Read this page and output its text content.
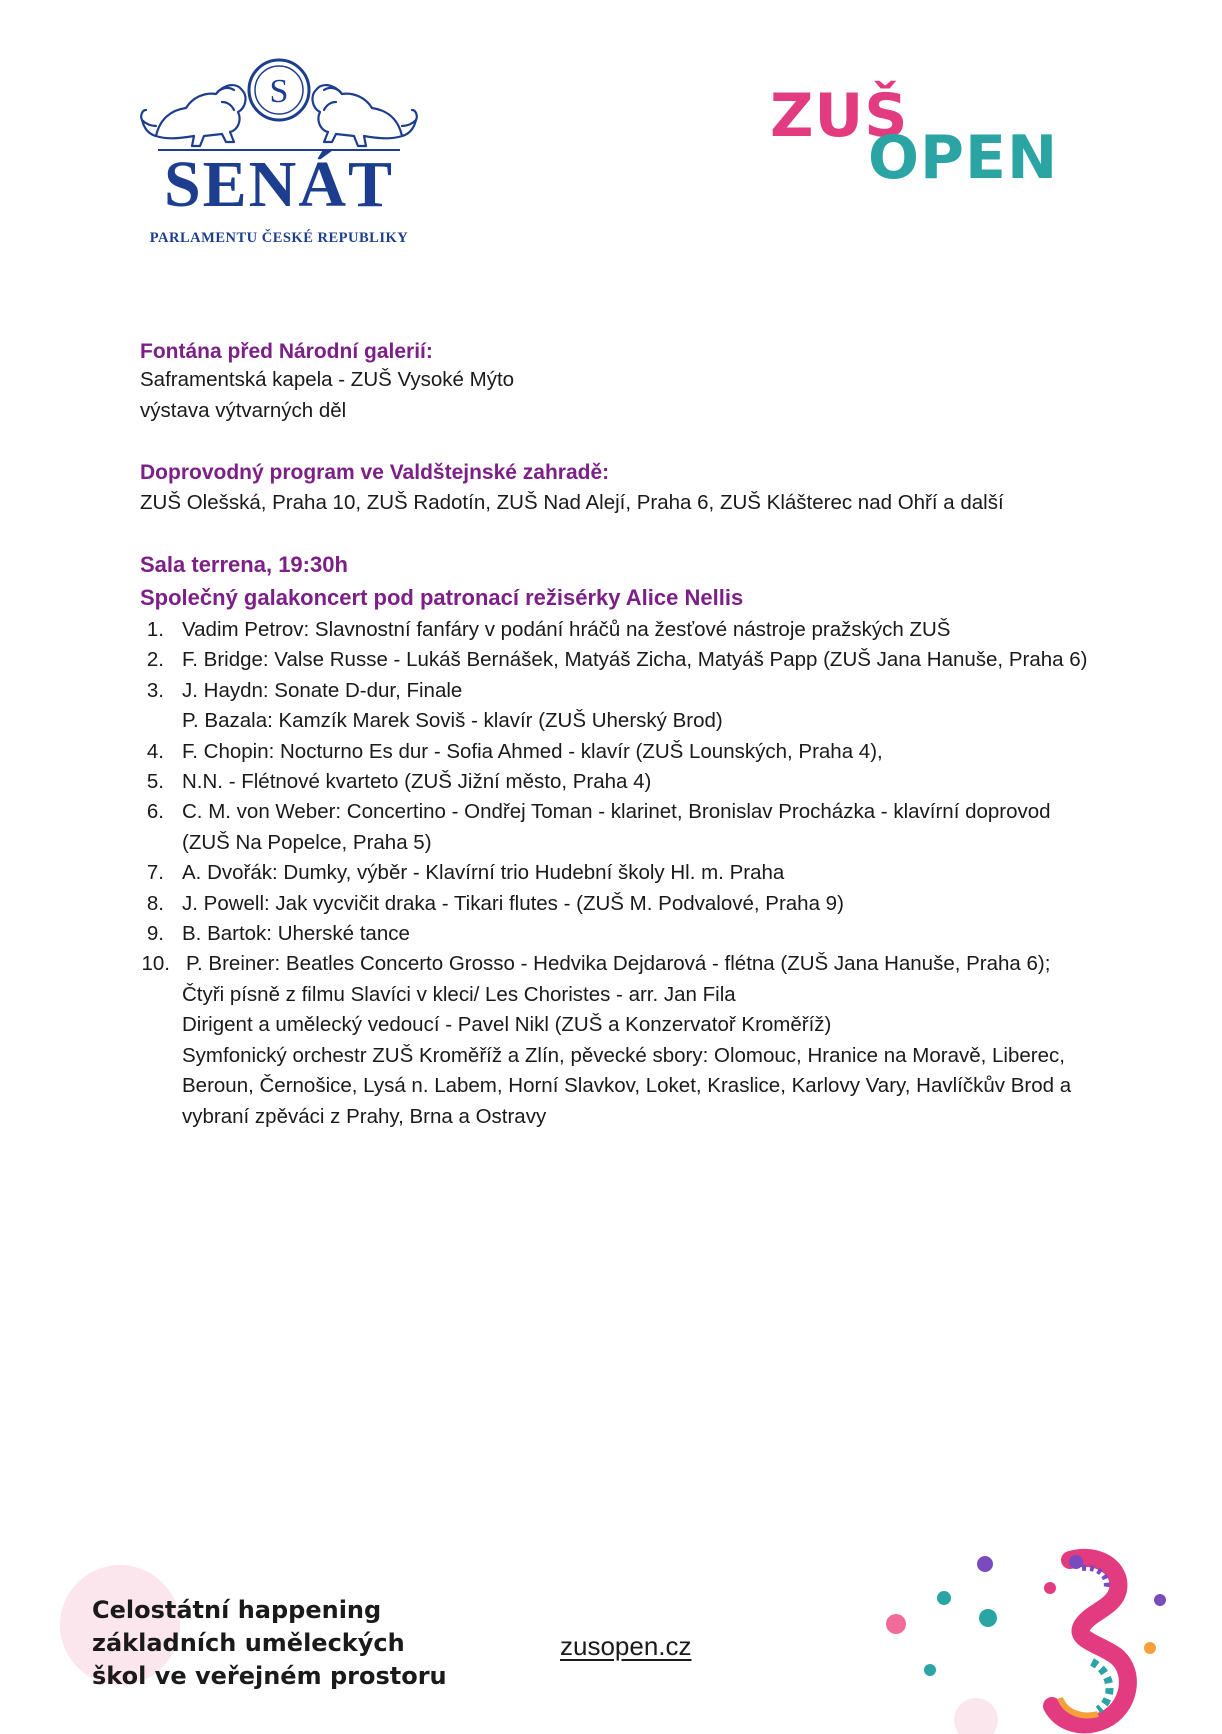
S
SENÁT
PARLAMENTU ČESKÉ REPUBLIKY
ZUŠ
OPEN
Fontána před Národní galerií:
Saframentská kapela - ZUŠ Vysoké Mýto
výstava výtvarných děl
Doprovodný program ve Valdštejnské zahradě:
ZUŠ Olešská, Praha 10, ZUŠ Radotín, ZUŠ Nad Alejí, Praha 6, ZUŠ Klášterec nad Ohří a další
Sala terrena, 19:30h
Společný galakoncert pod patronací režisérky Alice Nellis
1. Vadim Petrov: Slavnostní fanfáry v podání hráčů na žesťové nástroje pražských ZUŠ
2. F. Bridge: Valse Russe - Lukáš Bernášek, Matyáš Zicha, Matyáš Papp (ZUŠ Jana Hanuše, Praha 6)
3. J. Haydn: Sonate D-dur, Finale
P. Bazala: Kamzík Marek Soviš - klavír (ZUŠ Uherský Brod)
4. F. Chopin: Nocturno Es dur - Sofia Ahmed - klavír (ZUŠ Lounských, Praha 4),
5. N.N. - Flétnové kvarteto (ZUŠ Jižní město, Praha 4)
6. C. M. von Weber: Concertino - Ondřej Toman - klarinet, Bronislav Procházka - klavírní doprovod
(ZUŠ Na Popelce, Praha 5)
7. A. Dvořák: Dumky, výběr - Klavírní trio Hudební školy Hl. m. Praha
8. J. Powell: Jak vycvičit draka - Tikari flutes - (ZUŠ M. Podvalové, Praha 9)
9. B. Bartok: Uherské tance
10. P. Breiner: Beatles Concerto Grosso - Hedvika Dejdarová - flétna (ZUŠ Jana Hanuše, Praha 6);
Čtyři písně z filmu Slavíci v kleci/ Les Choristes - arr. Jan Fila
Dirigent a umělecký vedoucí - Pavel Nikl (ZUŠ a Konzervatoř Kroměříž)
Symfonický orchestr ZUŠ Kroměříž a Zlín, pěvecké sbory: Olomouc, Hranice na Moravě, Liberec,
Beroun, Černošice, Lysá n. Labem, Horní Slavkov, Loket, Kraslice, Karlovy Vary, Havlíčkův Brod a
vybraní zpěváci z Prahy, Brna a Ostravy
Celostátní happening
základních uměleckých
škol ve veřejném prostoru
zusopen.cz
